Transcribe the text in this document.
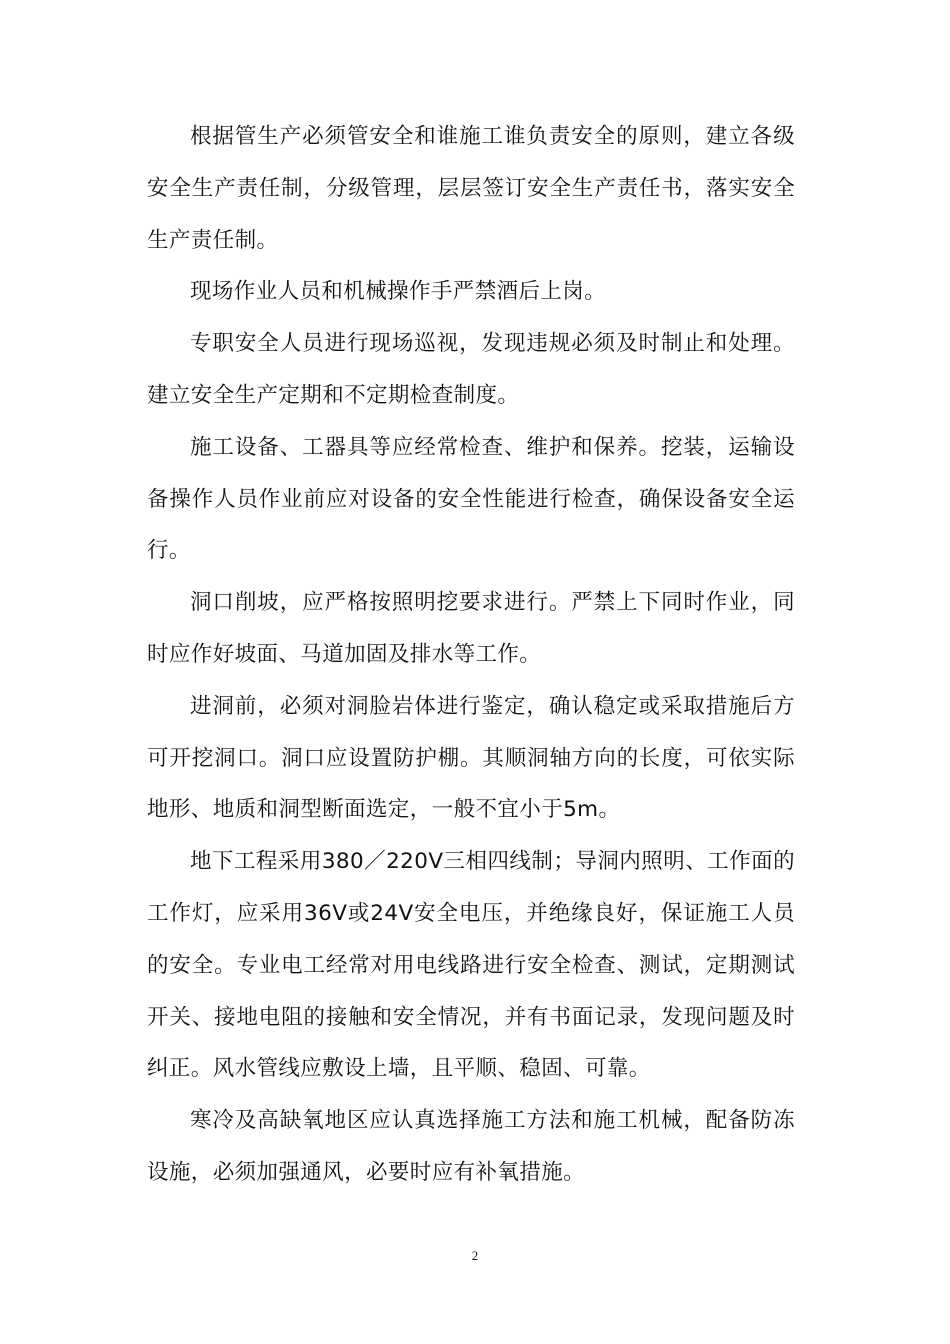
根据管生产必须管安全和谁施工谁负责安全的原则，建立各级安全生产责任制，分级管理，层层签订安全生产责任书，落实安全生产责任制。

现场作业人员和机械操作手严禁酒后上岗。

专职安全人员进行现场巡视，发现违规必须及时制止和处理。建立安全生产定期和不定期检查制度。

施工设备、工器具等应经常检查、维护和保养。挖装，运输设备操作人员作业前应对设备的安全性能进行检查，确保设备安全运行。

洞口削坡，应严格按照明挖要求进行。严禁上下同时作业，同时应作好坡面、马道加固及排水等工作。

进洞前，必须对洞脸岩体进行鉴定，确认稳定或采取措施后方可开挖洞口。洞口应设置防护棚。其顺洞轴方向的长度，可依实际地形、地质和洞型断面选定，一般不宜小于5m。

地下工程采用380／220V三相四线制；导洞内照明、工作面的工作灯，应采用36V或24V安全电压，并绝缘良好，保证施工人员的安全。专业电工经常对用电线路进行安全检查、测试，定期测试开关、接地电阻的接触和安全情况，并有书面记录，发现问题及时纠正。风水管线应敷设上墙，且平顺、稳固、可靠。

寒冷及高缺氧地区应认真选择施工方法和施工机械，配备防冻设施，必须加强通风，必要时应有补氧措施。

2
